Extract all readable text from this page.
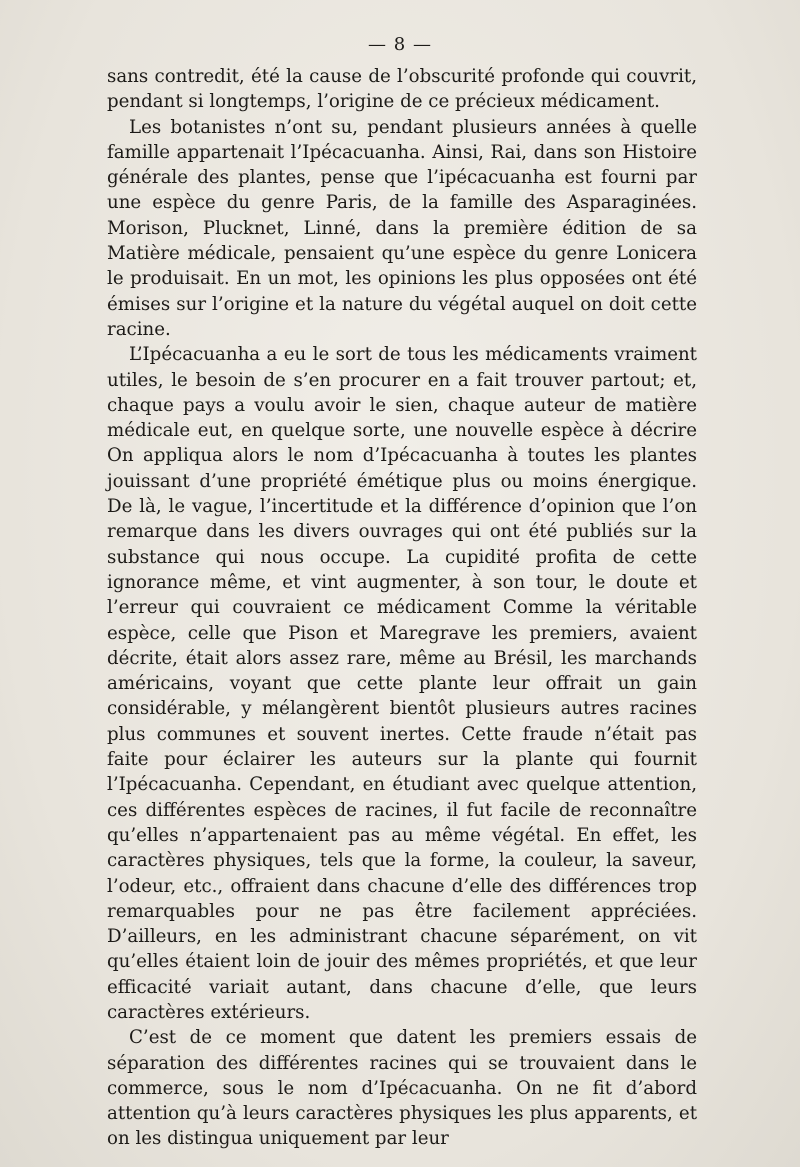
— 8 —

sans contredit, été la cause de l’obscurité profonde qui couvrit, pendant si longtemps, l’origine de ce précieux médicament.

Les botanistes n’ont su, pendant plusieurs années à quelle famille appartenait l’Ipécacuanha. Ainsi, Rai, dans son Histoire générale des plantes, pense que l’ipécacuanha est fourni par une espèce du genre Paris, de la famille des Asparaginées. Morison, Plucknet, Linné, dans la première édition de sa Matière médicale, pensaient qu’une espèce du genre Lonicera le produisait. En un mot, les opinions les plus opposées ont été émises sur l’origine et la nature du végétal auquel on doit cette racine.

L’Ipécacuanha a eu le sort de tous les médicaments vraiment utiles, le besoin de s’en procurer en a fait trouver partout; et, chaque pays a voulu avoir le sien, chaque auteur de matière médicale eut, en quelque sorte, une nouvelle espèce à décrire On appliqua alors le nom d’Ipécacuanha à toutes les plantes jouissant d’une propriété émétique plus ou moins énergique. De là, le vague, l’incertitude et la différence d’opinion que l’on remarque dans les divers ouvrages qui ont été publiés sur la substance qui nous occupe. La cupidité profita de cette ignorance même, et vint augmenter, à son tour, le doute et l’erreur qui couvraient ce médicament Comme la véritable espèce, celle que Pison et Maregrave les premiers, avaient décrite, était alors assez rare, même au Brésil, les marchands américains, voyant que cette plante leur offrait un gain considérable, y mélangèrent bientôt plusieurs autres racines plus communes et souvent inertes. Cette fraude n’était pas faite pour éclairer les auteurs sur la plante qui fournit l’Ipécacuanha. Cependant, en étudiant avec quelque attention, ces différentes espèces de racines, il fut facile de reconnaître qu’elles n’appartenaient pas au même végétal. En effet, les caractères physiques, tels que la forme, la couleur, la saveur, l’odeur, etc., offraient dans chacune d’elle des différences trop remarquables pour ne pas être facilement appréciées. D’ailleurs, en les administrant chacune séparément, on vit qu’elles étaient loin de jouir des mêmes propriétés, et que leur efficacité variait autant, dans chacune d’elle, que leurs caractères extérieurs.

C’est de ce moment que datent les premiers essais de séparation des différentes racines qui se trouvaient dans le commerce, sous le nom d’Ipécacuanha. On ne fit d’abord attention qu’à leurs caractères physiques les plus apparents, et on les distingua uniquement par leur
